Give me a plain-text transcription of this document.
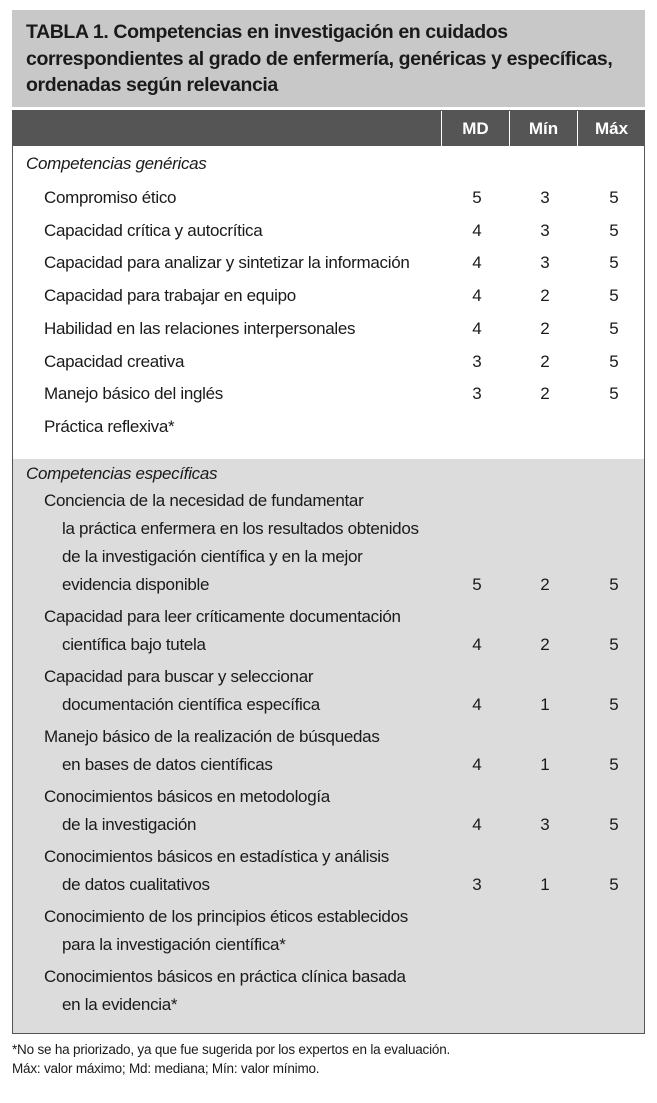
TABLA 1. Competencias en investigación en cuidados correspondientes al grado de enfermería, genéricas y específicas, ordenadas según relevancia
MD	Mín	Máx
Competencias genéricas
Compromiso ético	5	3	5
Capacidad crítica y autocrítica	4	3	5
Capacidad para analizar y sintetizar la información	4	3	5
Capacidad para trabajar en equipo	4	2	5
Habilidad en las relaciones interpersonales	4	2	5
Capacidad creativa	3	2	5
Manejo básico del inglés	3	2	5
Práctica reflexiva*
Competencias específicas
Conciencia de la necesidad de fundamentar
la práctica enfermera en los resultados obtenidos
de la investigación científica y en la mejor
evidencia disponible	5	2	5
Capacidad para leer críticamente documentación
científica bajo tutela	4	2	5
Capacidad para buscar y seleccionar
documentación científica específica	4	1	5
Manejo básico de la realización de búsquedas
en bases de datos científicas	4	1	5
Conocimientos básicos en metodología
de la investigación	4	3	5
Conocimientos básicos en estadística y análisis
de datos cualitativos	3	1	5
Conocimiento de los principios éticos establecidos
para la investigación científica*
Conocimientos básicos en práctica clínica basada
en la evidencia*
*No se ha priorizado, ya que fue sugerida por los expertos en la evaluación.
Máx: valor máximo; Md: mediana; Mín: valor mínimo.
